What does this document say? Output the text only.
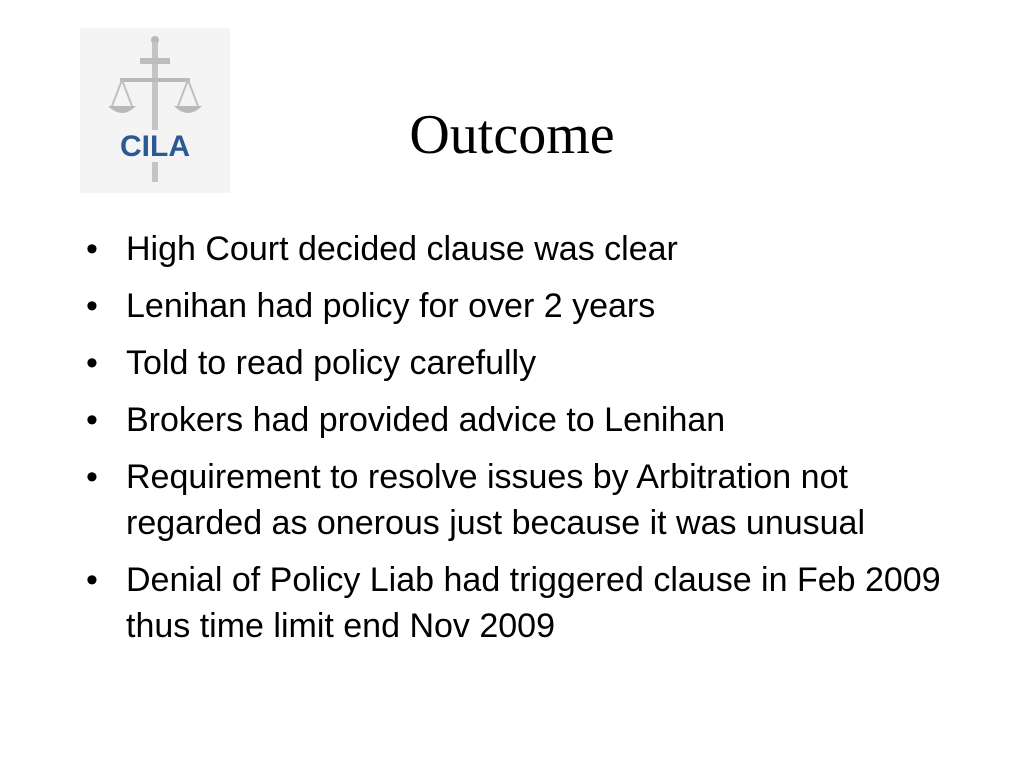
CILA	Outcome
• High Court decided clause was clear
• Lenihan had policy for over 2 years
• Told to read policy carefully
• Brokers had provided advice to Lenihan
• Requirement to resolve issues by Arbitration not regarded as onerous just because it was unusual
• Denial of Policy Liab had triggered clause in Feb 2009 thus time limit end Nov 2009
